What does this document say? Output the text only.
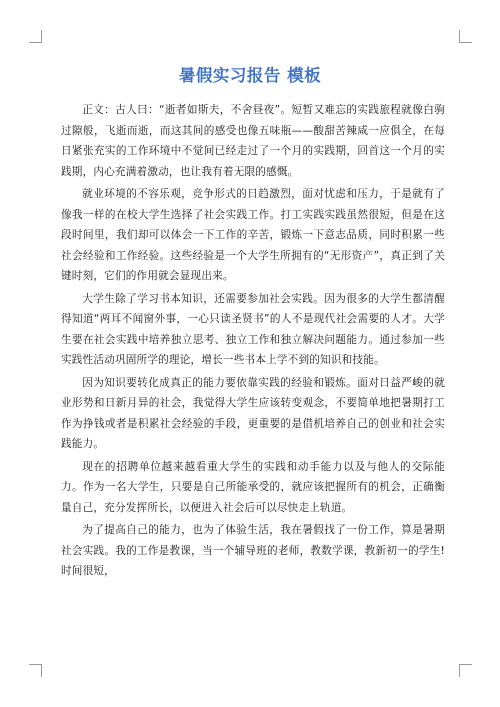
暑假实习报告 模板

正文：古人曰：“逝者如斯夫，不舍昼夜”。短暂又难忘的实践旅程就像白驹过隙般，飞逝而逝，而这其间的感受也像五味瓶——酸甜苦辣咸一应俱全，在每日紧张充实的工作环境中不觉间已经走过了一个月的实践期，回首这一个月的实践期，内心充满着激动，也让我有着无限的感慨。

就业环境的不容乐观，竞争形式的日趋激烈，面对忧虑和压力，于是就有了像我一样的在校大学生选择了社会实践工作。打工实践实践虽然很短，但是在这段时间里，我们却可以体会一下工作的辛苦，锻炼一下意志品质，同时积累一些社会经验和工作经验。这些经验是一个大学生所拥有的“无形资产”，真正到了关键时刻，它们的作用就会显现出来。

大学生除了学习书本知识，还需要参加社会实践。因为很多的大学生都清醒得知道“两耳不闻窗外事，一心只读圣贤书”的人不是现代社会需要的人才。大学生要在社会实践中培养独立思考、独立工作和独立解决问题能力。通过参加一些实践性活动巩固所学的理论，增长一些书本上学不到的知识和技能。

因为知识要转化成真正的能力要依靠实践的经验和锻炼。面对日益严峻的就业形势和日新月异的社会，我觉得大学生应该转变观念，不要简单地把暑期打工作为挣钱或者是积累社会经验的手段，更重要的是借机培养自己的创业和社会实践能力。

现在的招聘单位越来越看重大学生的实践和动手能力以及与他人的交际能力。作为一名大学生，只要是自己所能承受的，就应该把握所有的机会，正确衡量自己，充分发挥所长，以便进入社会后可以尽快走上轨道。

为了提高自己的能力，也为了体验生活，我在暑假找了一份工作，算是暑期社会实践。我的工作是教课，当一个辅导班的老师，教数学课，教新初一的学生!时间很短，
